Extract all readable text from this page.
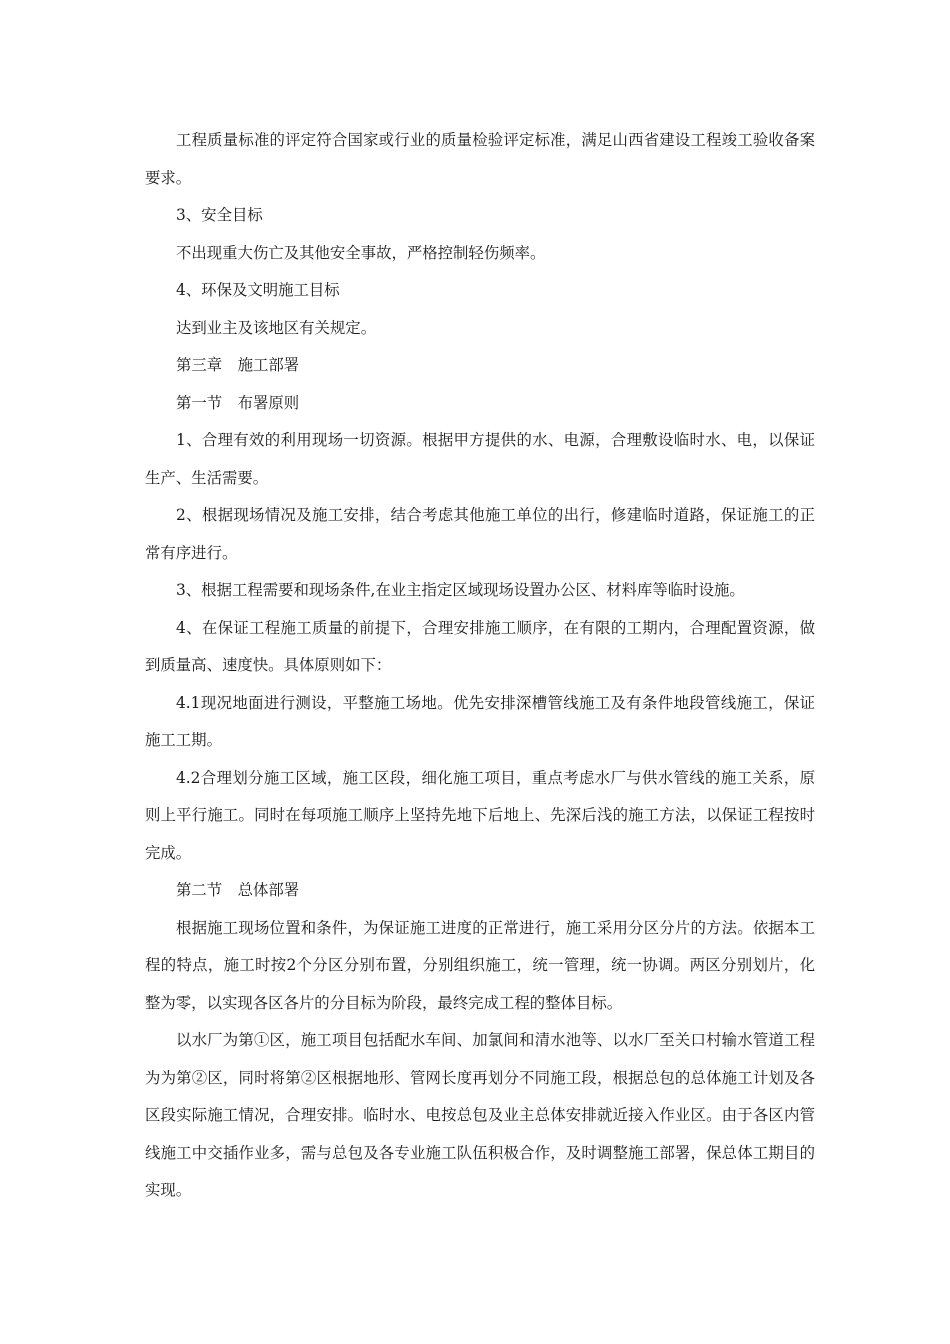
工程质量标准的评定符合国家或行业的质量检验评定标准，满足山西省建设工程竣工验收备案要求。

3、安全目标

不出现重大伤亡及其他安全事故，严格控制轻伤频率。

4、环保及文明施工目标

达到业主及该地区有关规定。

第三章　施工部署

第一节　布署原则

1、合理有效的利用现场一切资源。根据甲方提供的水、电源，合理敷设临时水、电，以保证生产、生活需要。

2、根据现场情况及施工安排，结合考虑其他施工单位的出行，修建临时道路，保证施工的正常有序进行。

3、根据工程需要和现场条件,在业主指定区域现场设置办公区、材料库等临时设施。

4、在保证工程施工质量的前提下，合理安排施工顺序，在有限的工期内，合理配置资源，做到质量高、速度快。具体原则如下：

4.1现况地面进行测设，平整施工场地。优先安排深槽管线施工及有条件地段管线施工，保证施工工期。

4.2合理划分施工区域，施工区段，细化施工项目，重点考虑水厂与供水管线的施工关系，原则上平行施工。同时在每项施工顺序上坚持先地下后地上、先深后浅的施工方法，以保证工程按时完成。

第二节　总体部署

根据施工现场位置和条件，为保证施工进度的正常进行，施工采用分区分片的方法。依据本工程的特点，施工时按2个分区分别布置，分别组织施工，统一管理，统一协调。两区分别划片，化整为零，以实现各区各片的分目标为阶段，最终完成工程的整体目标。

以水厂为第①区，施工项目包括配水车间、加氯间和清水池等、以水厂至关口村输水管道工程为为第②区，同时将第②区根据地形、管网长度再划分不同施工段，根据总包的总体施工计划及各区段实际施工情况，合理安排。临时水、电按总包及业主总体安排就近接入作业区。由于各区内管线施工中交插作业多，需与总包及各专业施工队伍积极合作，及时调整施工部署，保总体工期目的实现。
